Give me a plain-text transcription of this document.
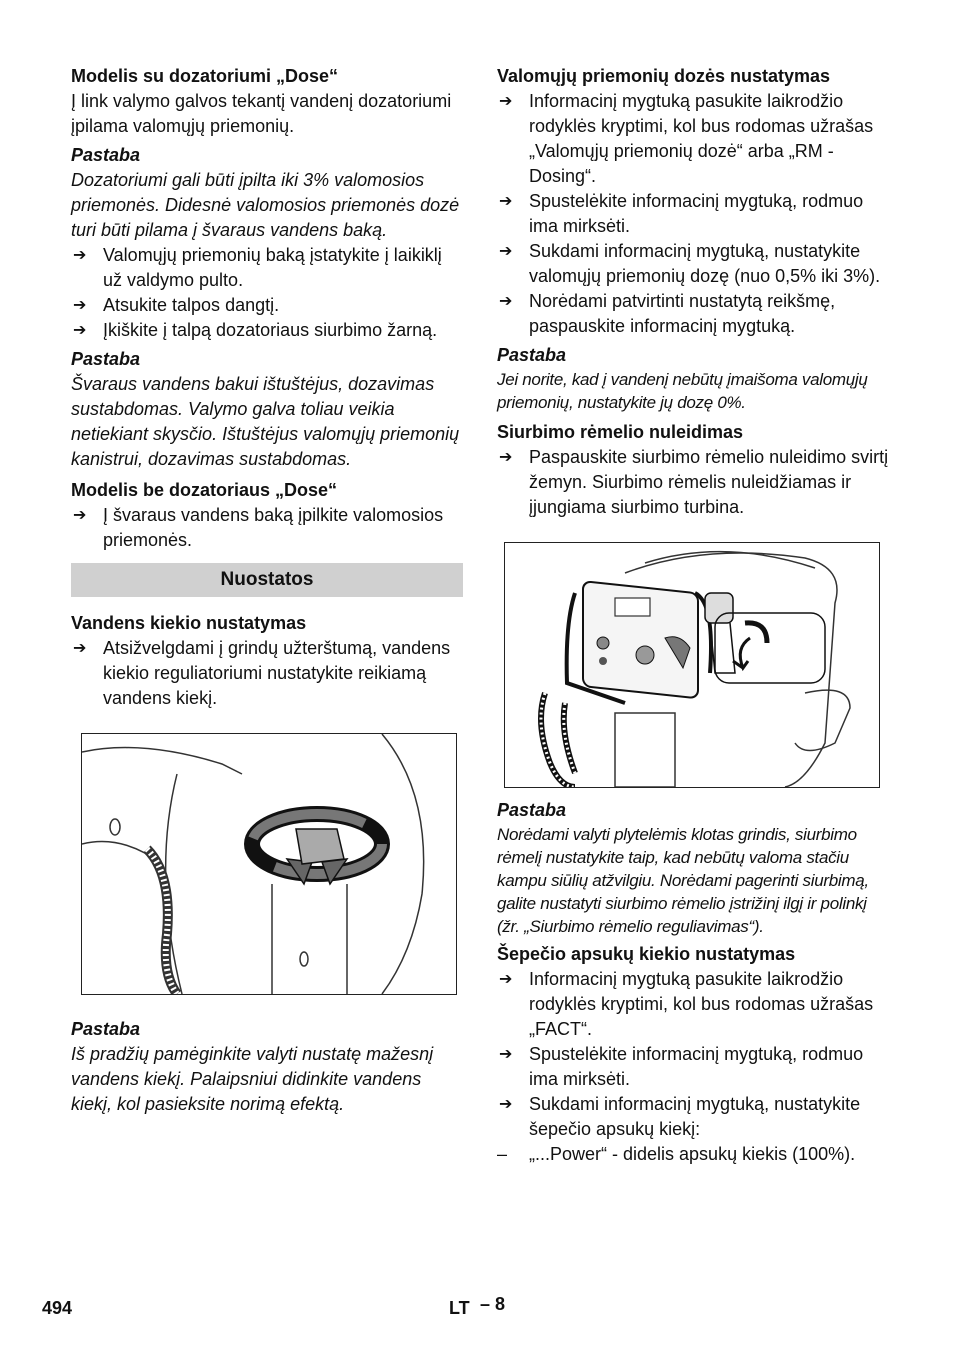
Modelis su dozatoriumi „Dose“

Į link valymo galvos tekantį vandenį dozatoriumi įpilama valomųjų priemonių.

Pastaba

Dozatoriumi gali būti įpilta iki 3% valomosios priemonės. Didesnė valomosios priemonės dozė turi būti pilama į švaraus vandens baką.

➔ Valomųjų priemonių baką įstatykite į laikiklį už valdymo pulto.
➔ Atsukite talpos dangtį.
➔ Įkiškite į talpą dozatoriaus siurbimo žarną.
Pastaba

Švaraus vandens bakui ištuštėjus, dozavimas sustabdomas. Valymo galva toliau veikia netiekiant skysčio. Ištuštėjus valomųjų priemonių kanistrui, dozavimas sustabdomas.

Modelis be dozatoriaus „Dose“
➔ Į švaraus vandens baką įpilkite valomosios priemonės.
Nuostatos
Vandens kiekio nustatymas
➔ Atsižvelgdami į grindų užterštumą, vandens kiekio reguliatoriumi nustatykite reikiamą vandens kiekį.
Pastaba

Iš pradžių pamėginkite valyti nustatę mažesnį vandens kiekį. Palaipsniui didinkite vandens kiekį, kol pasieksite norimą efektą.

Valomųjų priemonių dozės nustatymas
➔ Informacinį mygtuką pasukite laikrodžio rodyklės kryptimi, kol bus rodomas užrašas „Valomųjų priemonių dozė“ arba „RM - Dosing“.
➔ Spustelėkite informacinį mygtuką, rodmuo ima mirksėti.
➔ Sukdami informacinį mygtuką, nustatykite valomųjų priemonių dozę (nuo 0,5% iki 3%).
➔ Norėdami patvirtinti nustatytą reikšmę, paspauskite informacinį mygtuką.
Pastaba

Jei norite, kad į vandenį nebūtų įmaišoma valomųjų priemonių, nustatykite jų dozę 0%.

Siurbimo rėmelio nuleidimas
➔ Paspauskite siurbimo rėmelio nuleidimo svirtį žemyn. Siurbimo rėmelis nuleidžiamas ir įjungiama siurbimo turbina.
Pastaba

Norėdami valyti plytelėmis klotas grindis, siurbimo rėmelį nustatykite taip, kad nebūtų valoma stačiu kampu siūlių atžvilgiu. Norėdami pagerinti siurbimą, galite nustatyti siurbimo rėmelio įstrižinį ilgį ir polinkį (žr. „Siurbimo rėmelio reguliavimas“).

Šepečio apsukų kiekio nustatymas
➔ Informacinį mygtuką pasukite laikrodžio rodyklės kryptimi, kol bus rodomas užrašas „FACT“.
➔ Spustelėkite informacinį mygtuką, rodmuo ima mirksėti.
➔ Sukdami informacinį mygtuką, nustatykite šepečio apsukų kiekį:
– „...Power“ - didelis apsukų kiekis (100%).
494	LT – 8
